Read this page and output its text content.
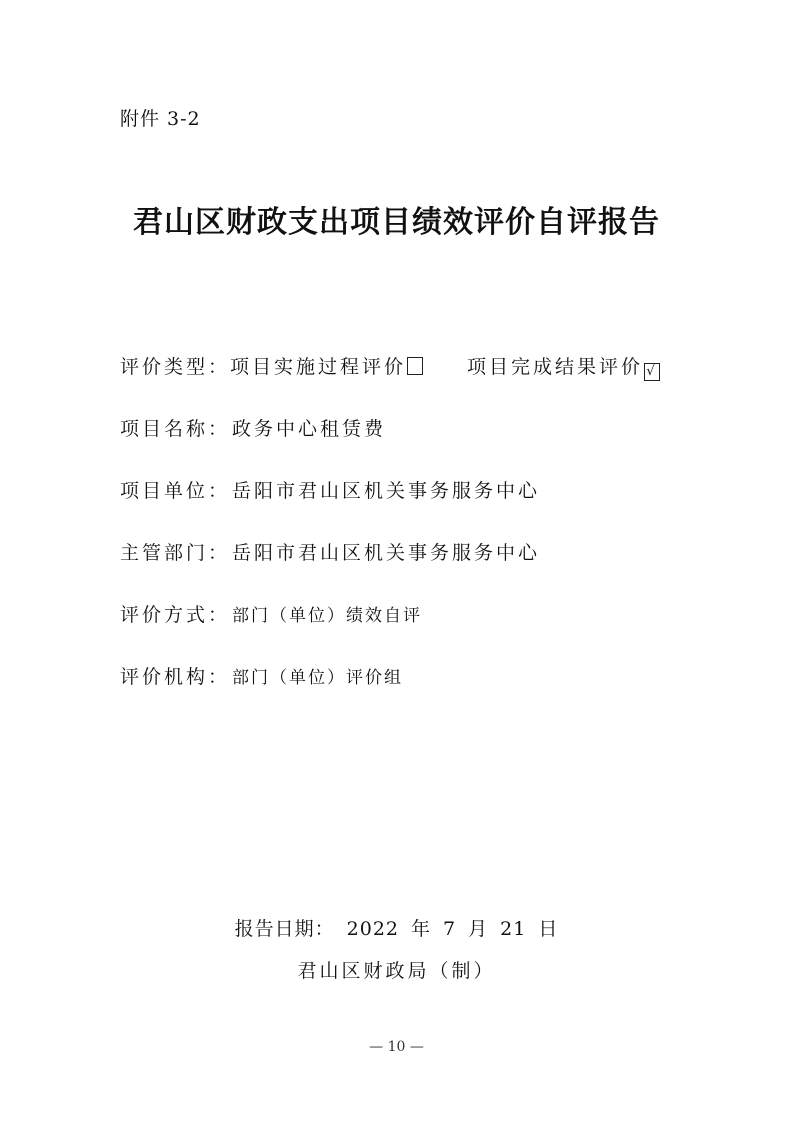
附件 3-2
君山区财政支出项目绩效评价自评报告
评价类型：项目实施过程评价	项目完成结果评价 √
项目名称： 政务中心租赁费
项目单位： 岳阳市君山区机关事务服务中心
主管部门： 岳阳市君山区机关事务服务中心
评价方式： 部门（单位）绩效自评
评价机构： 部门（单位）评价组
报告日期： 2022 年 7 月 21 日
君山区财政局（制）
— 10 —
